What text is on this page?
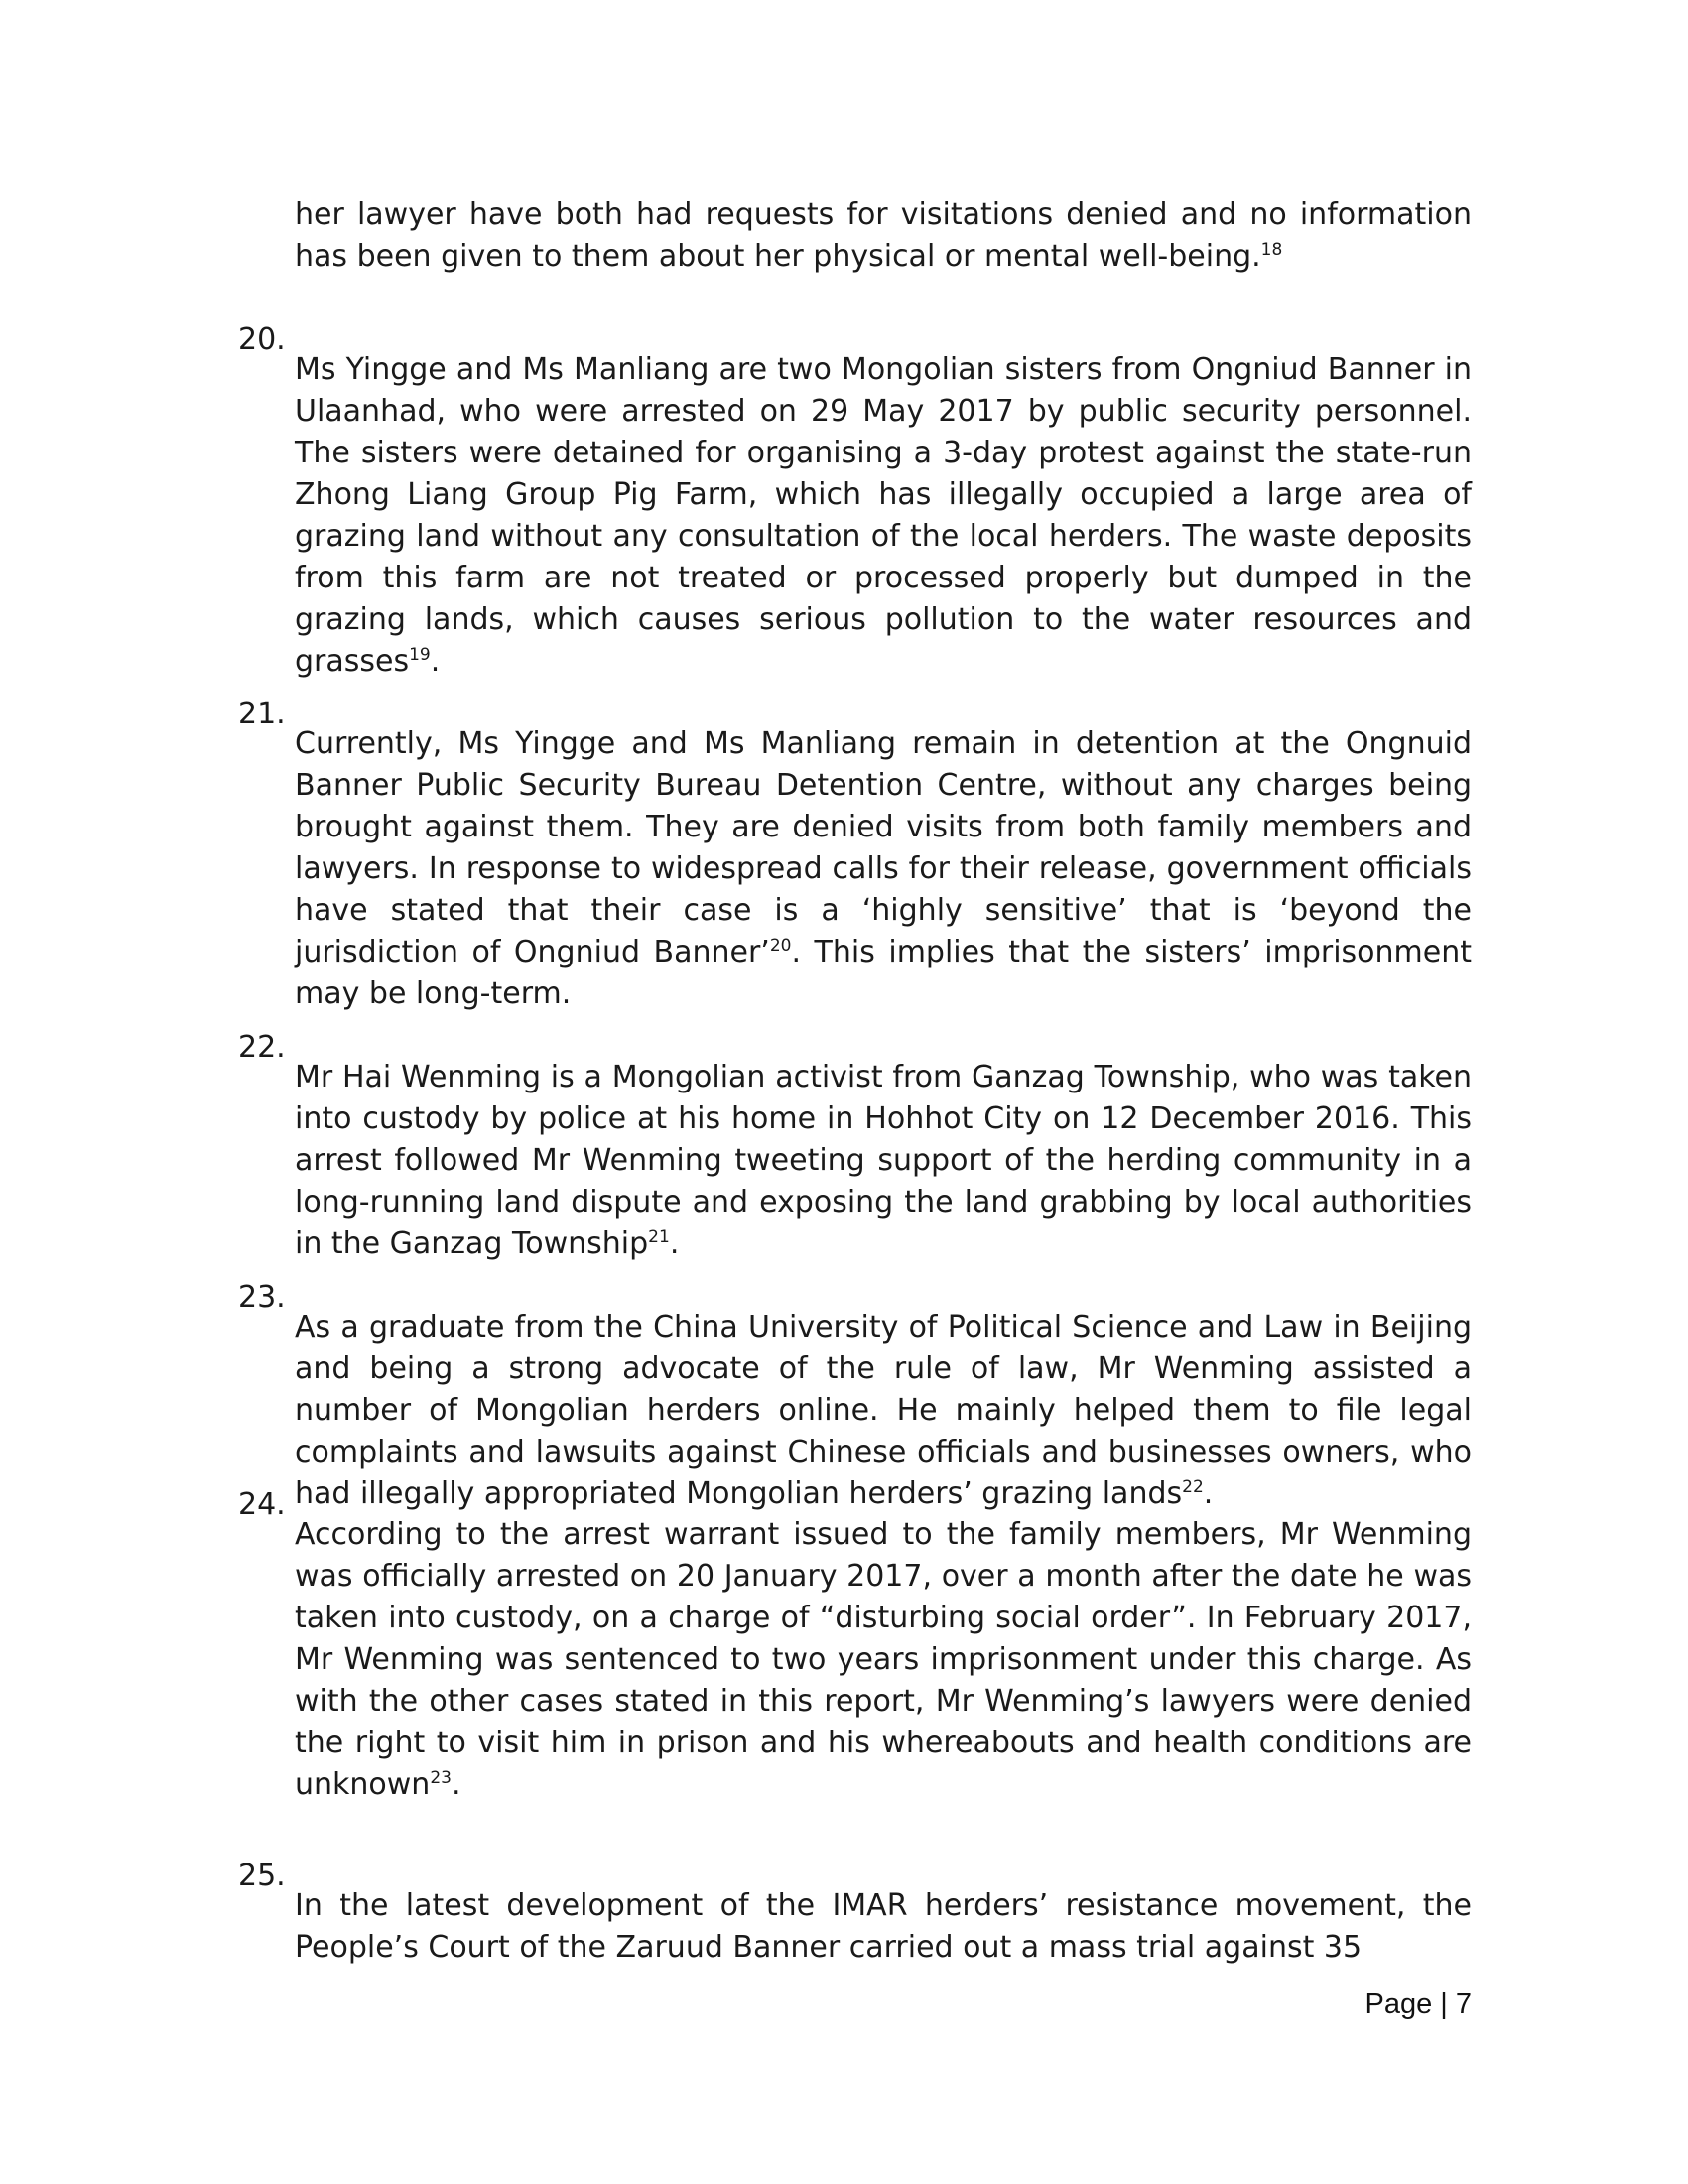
her lawyer have both had requests for visitations denied and no information has been given to them about her physical or mental well-being.$^{18}$

20.

Ms Yingge and Ms Manliang are two Mongolian sisters from Ongniud Banner in Ulaanhad, who were arrested on 29 May 2017 by public security personnel. The sisters were detained for organising a 3-day protest against the state-run Zhong Liang Group Pig Farm, which has illegally occupied a large area of grazing land without any consultation of the local herders. The waste deposits from this farm are not treated or processed properly but dumped in the grazing lands, which causes serious pollution to the water resources and grasses$^{19}$.

21.

Currently, Ms Yingge and Ms Manliang remain in detention at the Ongnuid Banner Public Security Bureau Detention Centre, without any charges being brought against them. They are denied visits from both family members and lawyers. In response to widespread calls for their release, government officials have stated that their case is a ‘highly sensitive’ that is ‘beyond the jurisdiction of Ongniud Banner’$^{20}$. This implies that the sisters’ imprisonment may be long-term.

22.

Mr Hai Wenming is a Mongolian activist from Ganzag Township, who was taken into custody by police at his home in Hohhot City on 12 December 2016. This arrest followed Mr Wenming tweeting support of the herding community in a long-running land dispute and exposing the land grabbing by local authorities in the Ganzag Township$^{21}$.

23.

As a graduate from the China University of Political Science and Law in Beijing and being a strong advocate of the rule of law, Mr Wenming assisted a number of Mongolian herders online. He mainly helped them to file legal complaints and lawsuits against Chinese officials and businesses owners, who had illegally appropriated Mongolian herders’ grazing lands$^{22}$.

24.

According to the arrest warrant issued to the family members, Mr Wenming was officially arrested on 20 January 2017, over a month after the date he was taken into custody, on a charge of “disturbing social order”. In February 2017, Mr Wenming was sentenced to two years imprisonment under this charge. As with the other cases stated in this report, Mr Wenming’s lawyers were denied the right to visit him in prison and his whereabouts and health conditions are unknown$^{23}$.

25.

In the latest development of the IMAR herders’ resistance movement, the People’s Court of the Zaruud Banner carried out a mass trial against 35

Page | 7
